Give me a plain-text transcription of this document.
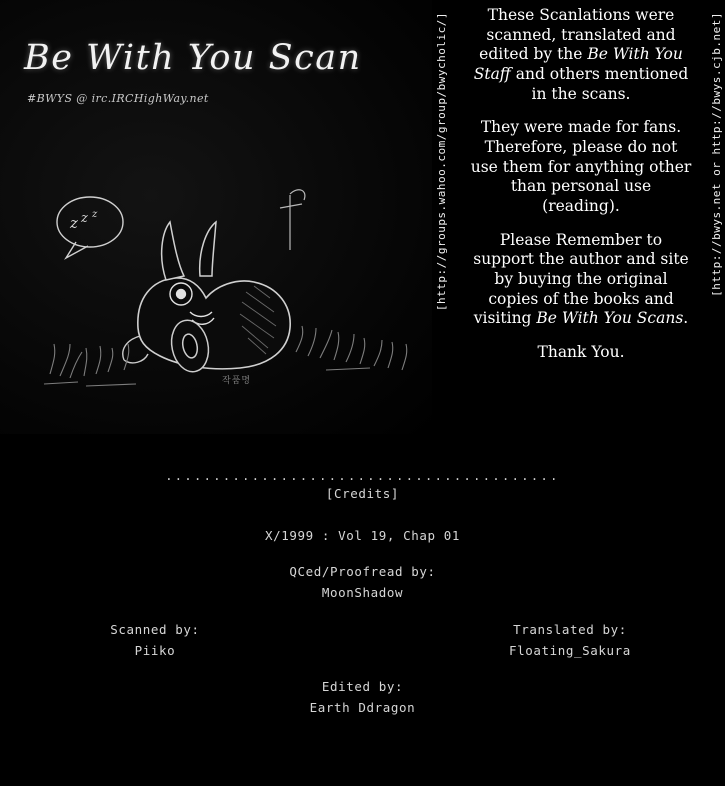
Be With You Scan
#BWYS @ irc.IRCHighWay.net
z z z
작품명
[http://groups.wahoo.com/group/bwycholic/]	[http://bwys.net or http://bwys.cjb.net]

These Scanlations were scanned, translated and edited by the Be With You Staff and others mentioned in the scans.

They were made for fans. Therefore, please do not use them for anything other than personal use (reading).

Please Remember to support the author and site by buying the original copies of the books and visiting Be With You Scans.

Thank You.

.........................................
[Credits]
X/1999 : Vol 19, Chap 01
QCed/Proofread by:
MoonShadow
Scanned by:
Piiko
Translated by:
Floating_Sakura
Edited by:
Earth Ddragon
